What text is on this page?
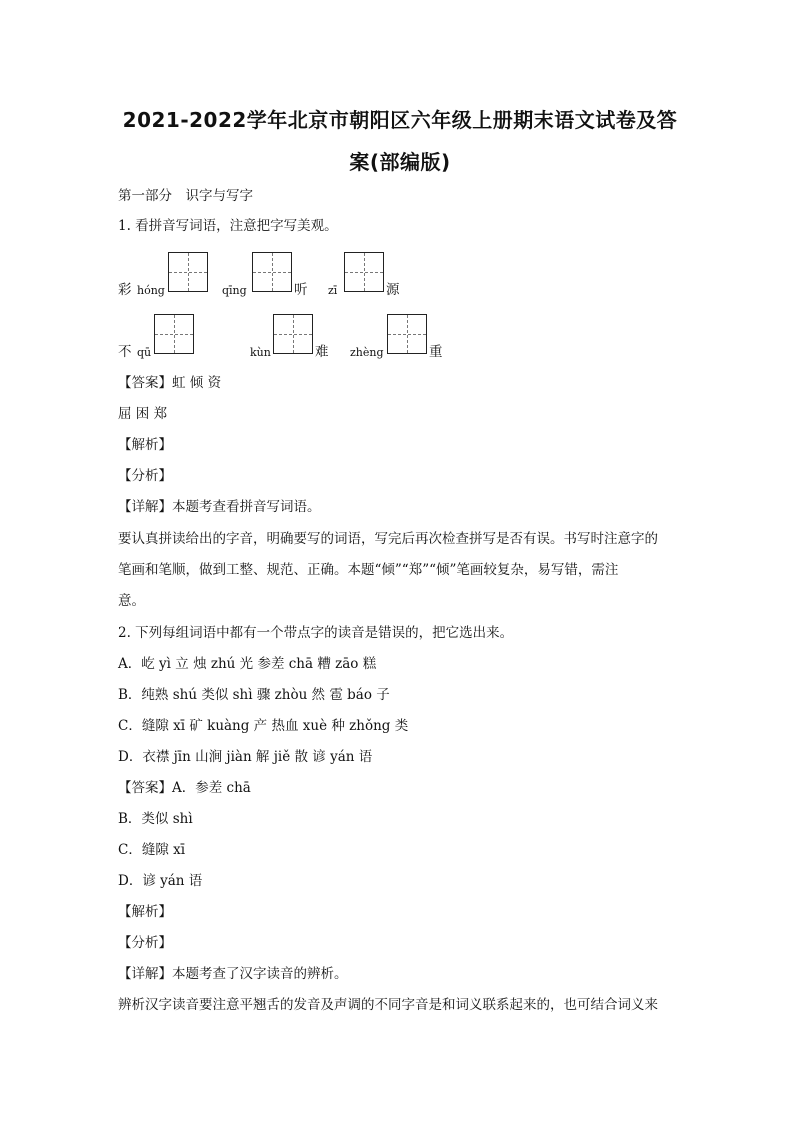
2021-2022学年北京市朝阳区六年级上册期末语文试卷及答
案(部编版)
第一部分　识字与写字
1. 看拼音写词语，注意把字写美观。
彩 hóng	qīng	听 zī	源
不 qū	kùn	难 zhèng	重
【答案】虹 倾 资
屈 困 郑
【解析】
【分析】
【详解】本题考查看拼音写词语。
要认真拼读给出的字音，明确要写的词语，写完后再次检查拼写是否有误。书写时注意字的
笔画和笔顺，做到工整、规范、正确。本题“倾”“郑”“倾”笔画较复杂，易写错，需注
意。
2. 下列每组词语中都有一个带点字的读音是错误的，把它选出来。
A．屹 yì 立 烛 zhú 光 参差 chā 糟 zāo 糕
B．纯熟 shú 类似 shì 骤 zhòu 然 雹 báo 子
C．缝隙 xī 矿 kuàng 产 热血 xuè 种 zhǒng 类
D．衣襟 jīn 山涧 jiàn 解 jiě 散 谚 yán 语
【答案】A．参差 chā
B．类似 shì
C．缝隙 xī
D．谚 yán 语
【解析】
【分析】
【详解】本题考查了汉字读音的辨析。
辨析汉字读音要注意平翘舌的发音及声调的不同字音是和词义联系起来的，也可结合词义来
